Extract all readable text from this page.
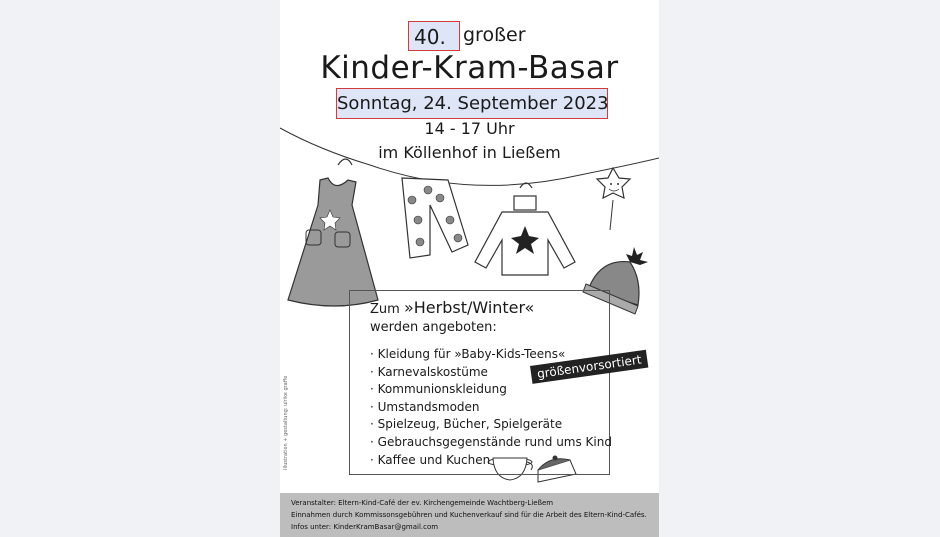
40. großer
Kinder-Kram-Basar
Sonntag, 24. September 2023
14 - 17 Uhr
im Köllenhof in Ließem
Zum »Herbst/Winter«
werden angeboten:
· Kleidung für »Baby-Kids-Teens«
· Karnevalskostüme
· Kommunionskleidung
· Umstandsmoden
· Spielzeug, Bücher, Spielgeräte
· Gebrauchsgegenstände rund ums Kind
· Kaffee und Kuchen
größenvorsortiert
Illustration + gestaltung: ulrike graffe
Veranstalter: Eltern-Kind-Café der ev. Kirchengemeinde Wachtberg-Ließem
Einnahmen durch Kommissonsgebühren und Kuchenverkauf sind für die Arbeit des Eltern-Kind-Cafés.
Infos unter: KinderKramBasar@gmail.com
